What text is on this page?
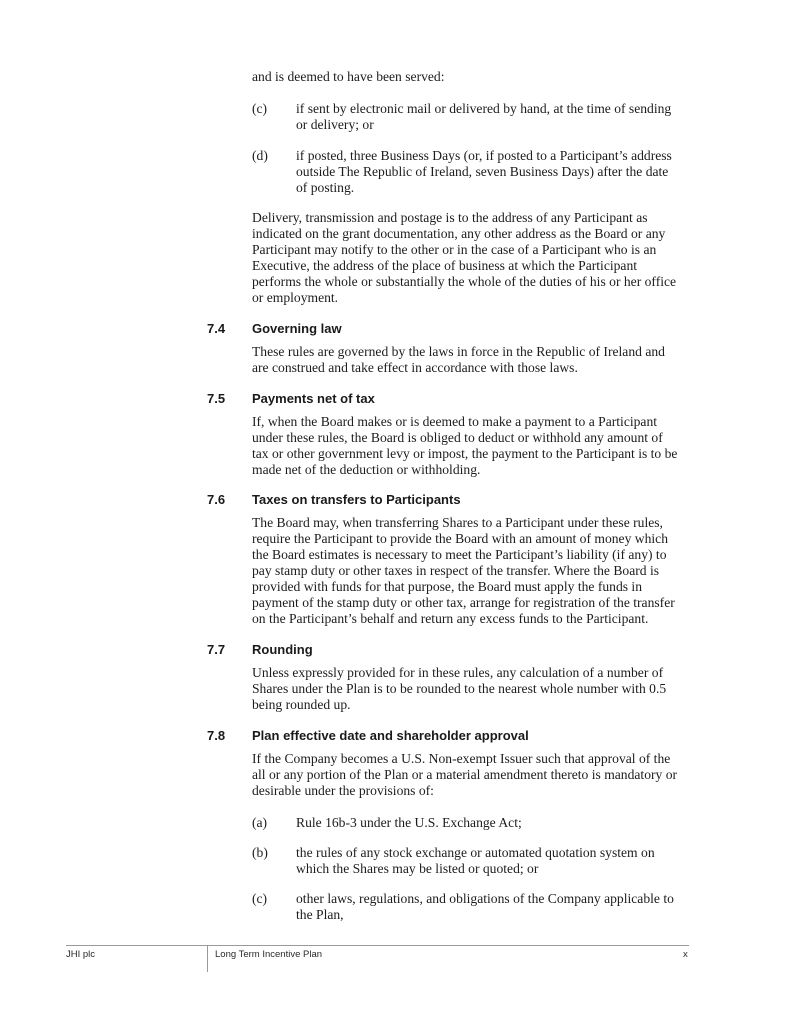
and is deemed to have been served:

(c) if sent by electronic mail or delivered by hand, at the time of sending
or delivery; or
(d) if posted, three Business Days (or, if posted to a Participant’s address
outside The Republic of Ireland, seven Business Days) after the date
of posting.
Delivery, transmission and postage is to the address of any Participant as
indicated on the grant documentation, any other address as the Board or any
Participant may notify to the other or in the case of a Participant who is an
Executive, the address of the place of business at which the Participant
performs the whole or substantially the whole of the duties of his or her office
or employment.
7.4 Governing law
These rules are governed by the laws in force in the Republic of Ireland and
are construed and take effect in accordance with those laws.
7.5 Payments net of tax
If, when the Board makes or is deemed to make a payment to a Participant
under these rules, the Board is obliged to deduct or withhold any amount of
tax or other government levy or impost, the payment to the Participant is to be
made net of the deduction or withholding.
7.6 Taxes on transfers to Participants
The Board may, when transferring Shares to a Participant under these rules,
require the Participant to provide the Board with an amount of money which
the Board estimates is necessary to meet the Participant’s liability (if any) to
pay stamp duty or other taxes in respect of the transfer. Where the Board is
provided with funds for that purpose, the Board must apply the funds in
payment of the stamp duty or other tax, arrange for registration of the transfer
on the Participant’s behalf and return any excess funds to the Participant.
7.7 Rounding
Unless expressly provided for in these rules, any calculation of a number of
Shares under the Plan is to be rounded to the nearest whole number with 0.5
being rounded up.
7.8 Plan effective date and shareholder approval
If the Company becomes a U.S. Non-exempt Issuer such that approval of the
all or any portion of the Plan or a material amendment thereto is mandatory or
desirable under the provisions of:
(a) Rule 16b-3 under the U.S. Exchange Act;
(b) the rules of any stock exchange or automated quotation system on
which the Shares may be listed or quoted; or
(c) other laws, regulations, and obligations of the Company applicable to
the Plan,
JHI plc	Long Term Incentive Plan	x
